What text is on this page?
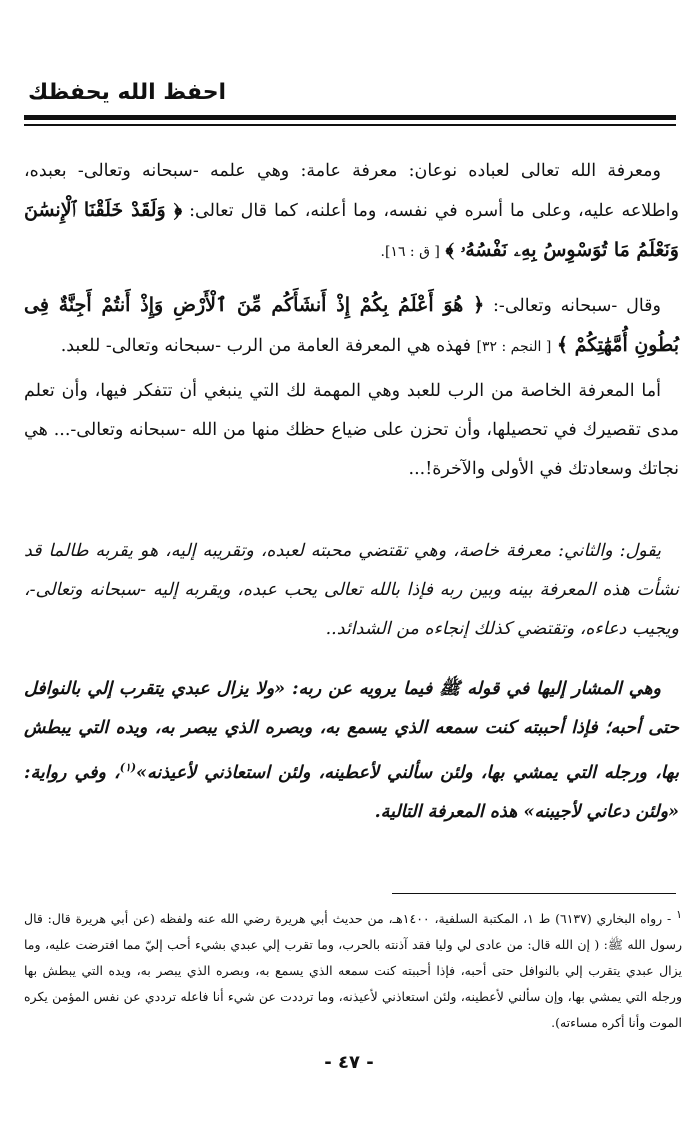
احفظ الله يحفظك

ومعرفة الله تعالى لعباده نوعان: معرفة عامة: وهي علمه -سبحانه وتعالى- بعبده، واطلاعه عليه، وعلى ما أسره في نفسه، وما أعلنه، كما قال تعالى: ﴿ وَلَقَدْ خَلَقْنَا ٱلْإِنسَٰنَ وَنَعْلَمُ مَا تُوَسْوِسُ بِهِۦ نَفْسُهُۥ ﴾ [ ق : ١٦].

وقال -سبحانه وتعالى-: ﴿ هُوَ أَعْلَمُ بِكُمْ إِذْ أَنشَأَكُم مِّنَ ٱلْأَرْضِ وَإِذْ أَنتُمْ أَجِنَّةٌ فِى بُطُونِ أُمَّهَٰتِكُمْ ﴾ [ النجم : ٣٢] فهذه هي المعرفة العامة من الرب -سبحانه وتعالى- للعبد.

أما المعرفة الخاصة من الرب للعبد وهي المهمة لك التي ينبغي أن تتفكر فيها، وأن تعلم مدى تقصيرك في تحصيلها، وأن تحزن على ضياع حظك منها من الله -سبحانه وتعالى-... هي نجاتك وسعادتك في الأولى والآخرة!...

يقول: والثاني: معرفة خاصة، وهي تقتضي محبته لعبده، وتقريبه إليه، هو يقربه طالما قد نشأت هذه المعرفة بينه وبين ربه فإذا بالله تعالى يحب عبده، ويقربه إليه -سبحانه وتعالى-، ويجيب دعاءه، وتقتضي كذلك إنجاءه من الشدائد..

وهي المشار إليها في قوله ﷺ فيما يرويه عن ربه: «ولا يزال عبدي يتقرب إلي بالنوافل حتى أحبه؛ فإذا أحببته كنت سمعه الذي يسمع به، وبصره الذي يبصر به، ويده التي يبطش بها، ورجله التي يمشي بها، ولئن سألني لأعطينه، ولئن استعاذني لأعيذنه»$^{(١)}$، وفي رواية: «ولئن دعاني لأجيبنه» هذه المعرفة التالية.

١ - رواه البخاري (٦١٣٧) ط ١، المكتبة السلفية، ١٤٠٠هـ، من حديث أبي هريرة رضي الله عنه ولفظه (عن أبي هريرة قال: قال رسول الله ﷺ: ( إن الله قال: من عادى لي وليا فقد آذنته بالحرب، وما تقرب إلي عبدي بشيء أحب إليّ مما افترضت عليه، وما يزال عبدي يتقرب إلي بالنوافل حتى أحبه، فإذا أحببته كنت سمعه الذي يسمع به، وبصره الذي يبصر به، ويده التي يبطش بها ورجله التي يمشي بها، وإن سألني لأعطينه، ولئن استعاذني لأعيذنه، وما ترددت عن شيء أنا فاعله ترددي عن نفس المؤمن يكره الموت وأنا أكره مساءته).
- ٤٧ -
